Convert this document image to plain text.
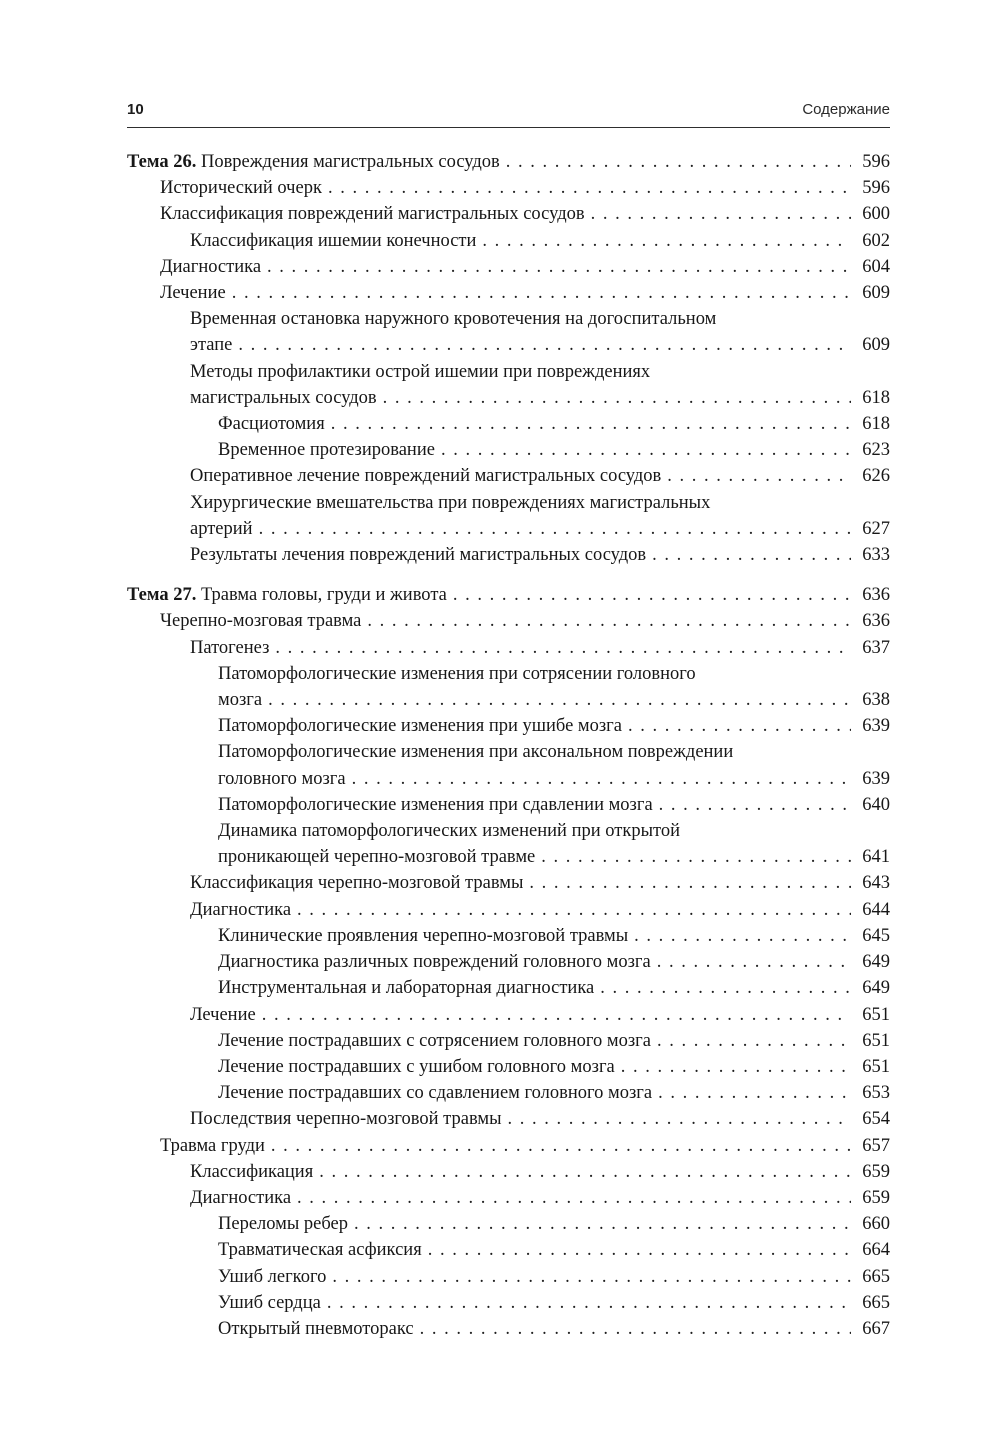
10	Содержание
Тема 26. Повреждения магистральных сосудов . . .	596
Исторический очерк . . .	596
Классификация повреждений магистральных сосудов . . .	600
Классификация ишемии конечности . . .	602
Диагностика . . .	604
Лечение . . .	609
Временная остановка наружного кровотечения на догоспитальном
этапе . . .	609
Методы профилактики острой ишемии при повреждениях
магистральных сосудов . . .	618
Фасциотомия . . .	618
Временное протезирование . . .	623
Оперативное лечение повреждений магистральных сосудов . . .	626
Хирургические вмешательства при повреждениях магистральных
артерий . . .	627
Результаты лечения повреждений магистральных сосудов . . .	633
Тема 27. Травма головы, груди и живота . . .	636
Черепно-мозговая травма . . .	636
Патогенез . . .	637
Патоморфологические изменения при сотрясении головного
мозга . . .	638
Патоморфологические изменения при ушибе мозга . . .	639
Патоморфологические изменения при аксональном повреждении
головного мозга . . .	639
Патоморфологические изменения при сдавлении мозга . . .	640
Динамика патоморфологических изменений при открытой
проникающей черепно-мозговой травме . . .	641
Классификация черепно-мозговой травмы . . .	643
Диагностика . . .	644
Клинические проявления черепно-мозговой травмы . . .	645
Диагностика различных повреждений головного мозга . . .	649
Инструментальная и лабораторная диагностика . . .	649
Лечение . . .	651
Лечение пострадавших с сотрясением головного мозга . . .	651
Лечение пострадавших с ушибом головного мозга . . .	651
Лечение пострадавших со сдавлением головного мозга . . .	653
Последствия черепно-мозговой травмы . . .	654
Травма груди . . .	657
Классификация . . .	659
Диагностика . . .	659
Переломы ребер . . .	660
Травматическая асфиксия . . .	664
Ушиб легкого . . .	665
Ушиб сердца . . .	665
Открытый пневмоторакс . . .	667
